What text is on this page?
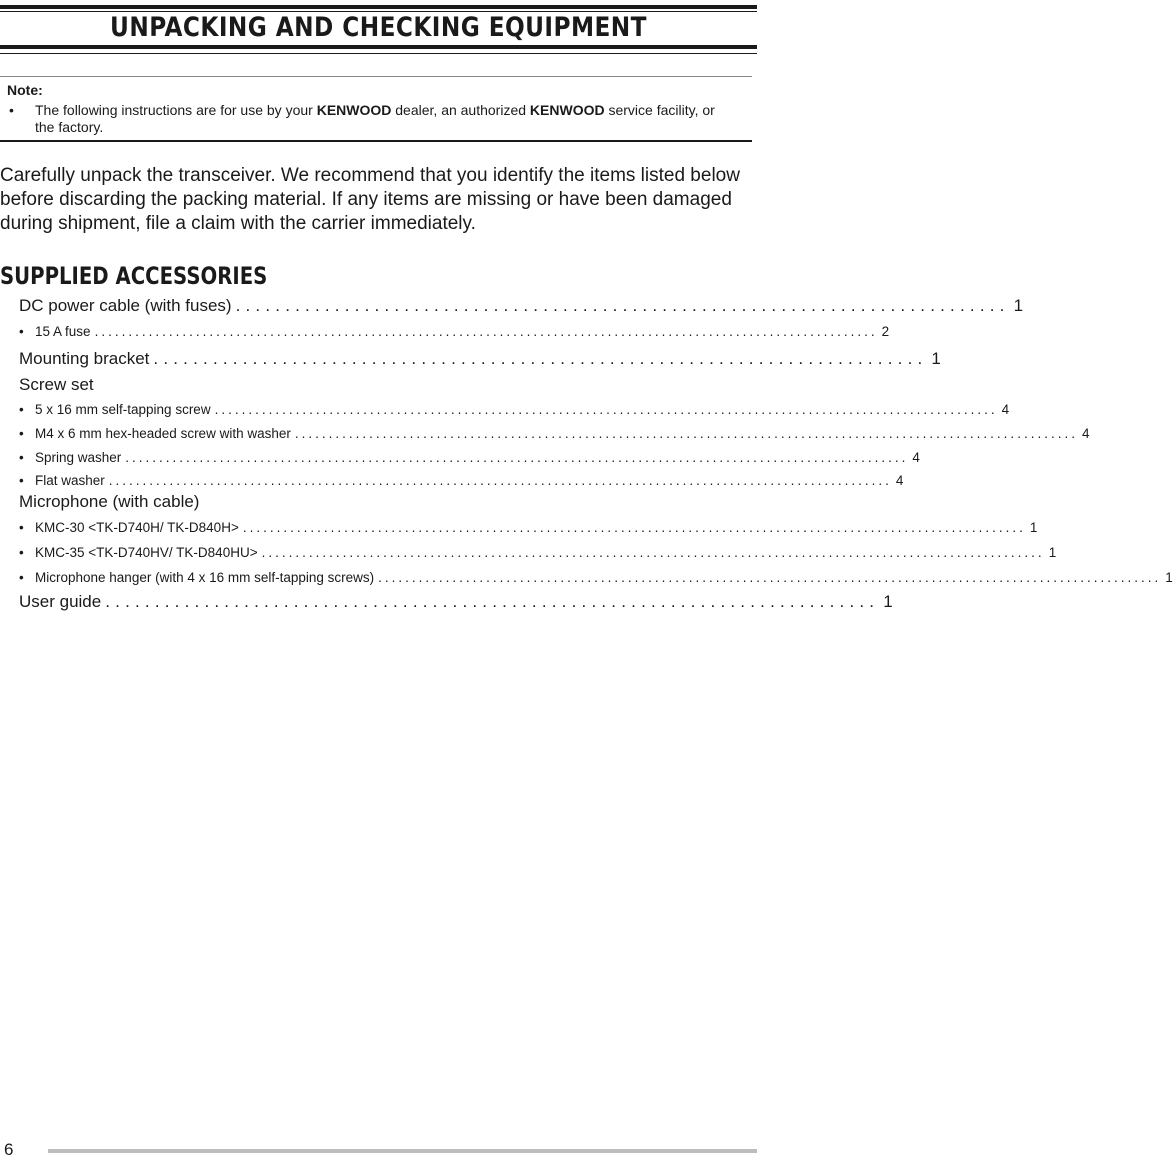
UNPACKING AND CHECKING EQUIPMENT
Note:
• The following instructions are for use by your KENWOOD dealer, an authorized KENWOOD service facility, or the factory.
Carefully unpack the transceiver. We recommend that you identify the items listed below before discarding the packing material. If any items are missing or have been damaged during shipment, file a claim with the carrier immediately.
SUPPLIED ACCESSORIES
DC power cable (with fuses) .............................................................................. 1
• 15 A fuse .................................................................................................................... 2
Mounting bracket .............................................................................. 1
Screw set
• 5 x 16 mm self-tapping screw .................................................................................................................... 4
• M4 x 6 mm hex-headed screw with washer .................................................................................................................... 4
• Spring washer .................................................................................................................... 4
• Flat washer .................................................................................................................... 4
Microphone (with cable)
• KMC-30 <TK-D740H/ TK-D840H> .................................................................................................................... 1
• KMC-35 <TK-D740HV/ TK-D840HU> .................................................................................................................... 1
• Microphone hanger (with 4 x 16 mm self-tapping screws) .................................................................................................................... 1
User guide .............................................................................. 1
6
